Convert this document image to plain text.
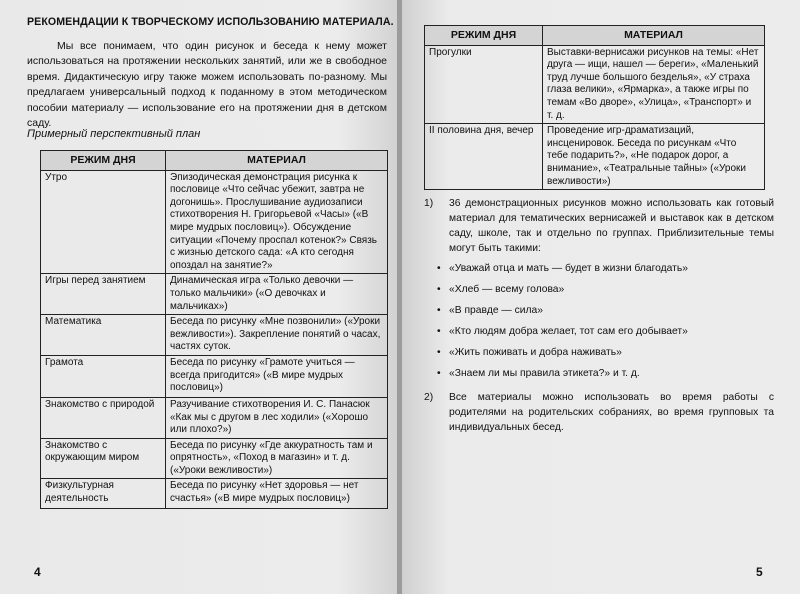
РЕКОМЕНДАЦИИ К ТВОРЧЕСКОМУ ИСПОЛЬЗОВАНИЮ МАТЕРИАЛА.

Мы все понимаем, что один рисунок и беседа к нему может использоваться на протяжении нескольких занятий, или же в свободное время. Дидактическую игру также можем использовать по-разному. Мы предлагаем универсальный подход к поданному в этом методическом пособии материалу — использование его на протяжении дня в детском саду.

Примерный перспективный план
РЕЖИМ ДНЯ	МАТЕРИАЛ
Утро	Эпизодическая демонстрация рисунка к пословице «Что сейчас убежит, завтра не догонишь». Прослушивание аудиозаписи стихотворения Н. Григорьевой «Часы» («В мире мудрых пословиц»). Обсуждение ситуации «Почему проспал котенок?» Связь с жизнью детского сада: «А кто сегодня опоздал на занятие?»
Игры перед занятием	Динамическая игра «Только девочки — только мальчики» («О девочках и мальчиках»)
Математика	Беседа по рисунку «Мне позвонили» («Уроки вежливости»). Закрепление понятий о часах, частях суток.
Грамота	Беседа по рисунку «Грамоте учиться — всегда пригодится» («В мире мудрых пословиц»)
Знакомство с природой	Разучивание стихотворения И. С. Панасюк «Как мы с другом в лес ходили» («Хорошо или плохо?»)
Знакомство с окружающим миром	Беседа по рисунку «Где аккуратность там и опрятность», «Поход в магазин» и т. д. («Уроки вежливости»)
Физкультурная деятельность	Беседа по рисунку «Нет здоровья — нет счастья» («В мире мудрых пословиц»)
4
РЕЖИМ ДНЯ	МАТЕРИАЛ
Прогулки	Выставки-вернисажи рисунков на темы: «Нет друга — ищи, нашел — береги», «Маленький труд лучше большого безделья», «У страха глаза велики», «Ярмарка», а также игры по темам «Во дворе», «Улица», «Транспорт» и т. д.
II половина дня, вечер	Проведение игр-драматизаций, инсценировок. Беседа по рисункам «Что тебе подарить?», «Не подарок дорог, а внимание», «Театральные тайны» («Уроки вежливости»)
1) 36 демонстрационных рисунков можно использовать как готовый материал для тематических вернисажей и выставок как в детском саду, школе, так и отдельно по группах. Приблизительные темы могут быть такими:
• «Уважай отца и мать — будет в жизни благодать»
• «Хлеб — всему голова»
• «В правде — сила»
• «Кто людям добра желает, тот сам его добывает»
• «Жить поживать и добра наживать»
• «Знаем ли мы правила этикета?» и т. д.
2) Все материалы можно использовать во время работы с родителями на родительских собраниях, во время групповых та индивидуальных бесед.
5
